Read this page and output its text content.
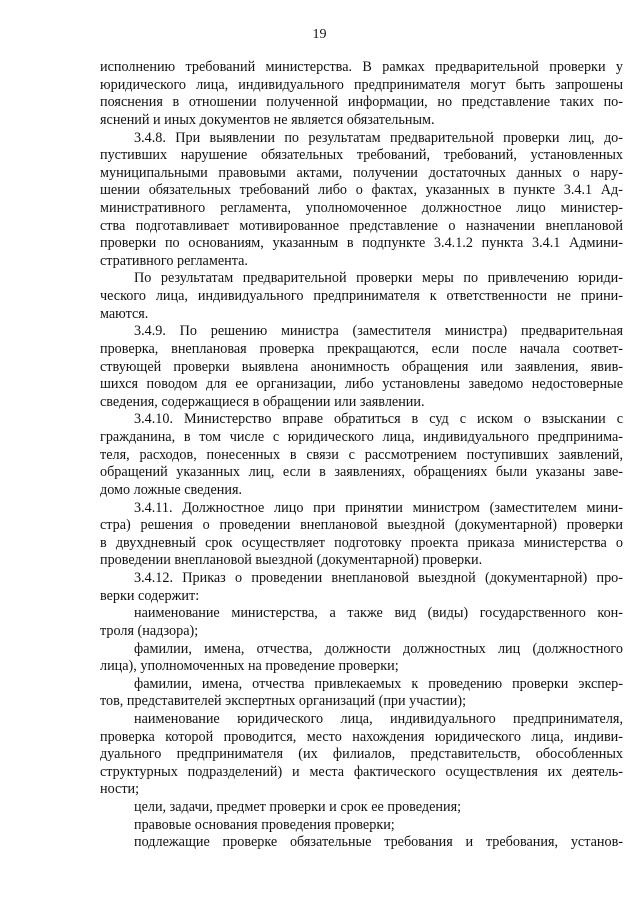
19
исполнению требований министерства. В рамках предварительной проверки у
юридического лица, индивидуального предпринимателя могут быть запрошены
пояснения в отношении полученной информации, но представление таких по-
яснений и иных документов не является обязательным.
3.4.8. При выявлении по результатам предварительной проверки лиц, до-
пустивших нарушение обязательных требований, требований, установленных
муниципальными правовыми актами, получении достаточных данных о нару-
шении обязательных требований либо о фактах, указанных в пункте 3.4.1 Ад-
министративного регламента, уполномоченное должностное лицо министер-
ства подготавливает мотивированное представление о назначении внеплановой
проверки по основаниям, указанным в подпункте 3.4.1.2 пункта 3.4.1 Админи-
стративного регламента.
По результатам предварительной проверки меры по привлечению юриди-
ческого лица, индивидуального предпринимателя к ответственности не прини-
маются.
3.4.9. По решению министра (заместителя министра) предварительная
проверка, внеплановая проверка прекращаются, если после начала соответ-
ствующей проверки выявлена анонимность обращения или заявления, явив-
шихся поводом для ее организации, либо установлены заведомо недостоверные
сведения, содержащиеся в обращении или заявлении.
3.4.10. Министерство вправе обратиться в суд с иском о взыскании с
гражданина, в том числе с юридического лица, индивидуального предпринима-
теля, расходов, понесенных в связи с рассмотрением поступивших заявлений,
обращений указанных лиц, если в заявлениях, обращениях были указаны заве-
домо ложные сведения.
3.4.11. Должностное лицо при принятии министром (заместителем мини-
стра) решения о проведении внеплановой выездной (документарной) проверки
в двухдневный срок осуществляет подготовку проекта приказа министерства о
проведении внеплановой выездной (документарной) проверки.
3.4.12. Приказ о проведении внеплановой выездной (документарной) про-
верки содержит:
наименование министерства, а также вид (виды) государственного кон-
троля (надзора);
фамилии, имена, отчества, должности должностных лиц (должностного
лица), уполномоченных на проведение проверки;
фамилии, имена, отчества привлекаемых к проведению проверки экспер-
тов, представителей экспертных организаций (при участии);
наименование юридического лица, индивидуального предпринимателя,
проверка которой проводится, место нахождения юридического лица, индиви-
дуального предпринимателя (их филиалов, представительств, обособленных
структурных подразделений) и места фактического осуществления их деятель-
ности;
цели, задачи, предмет проверки и срок ее проведения;
правовые основания проведения проверки;
подлежащие проверке обязательные требования и требования, установ-
